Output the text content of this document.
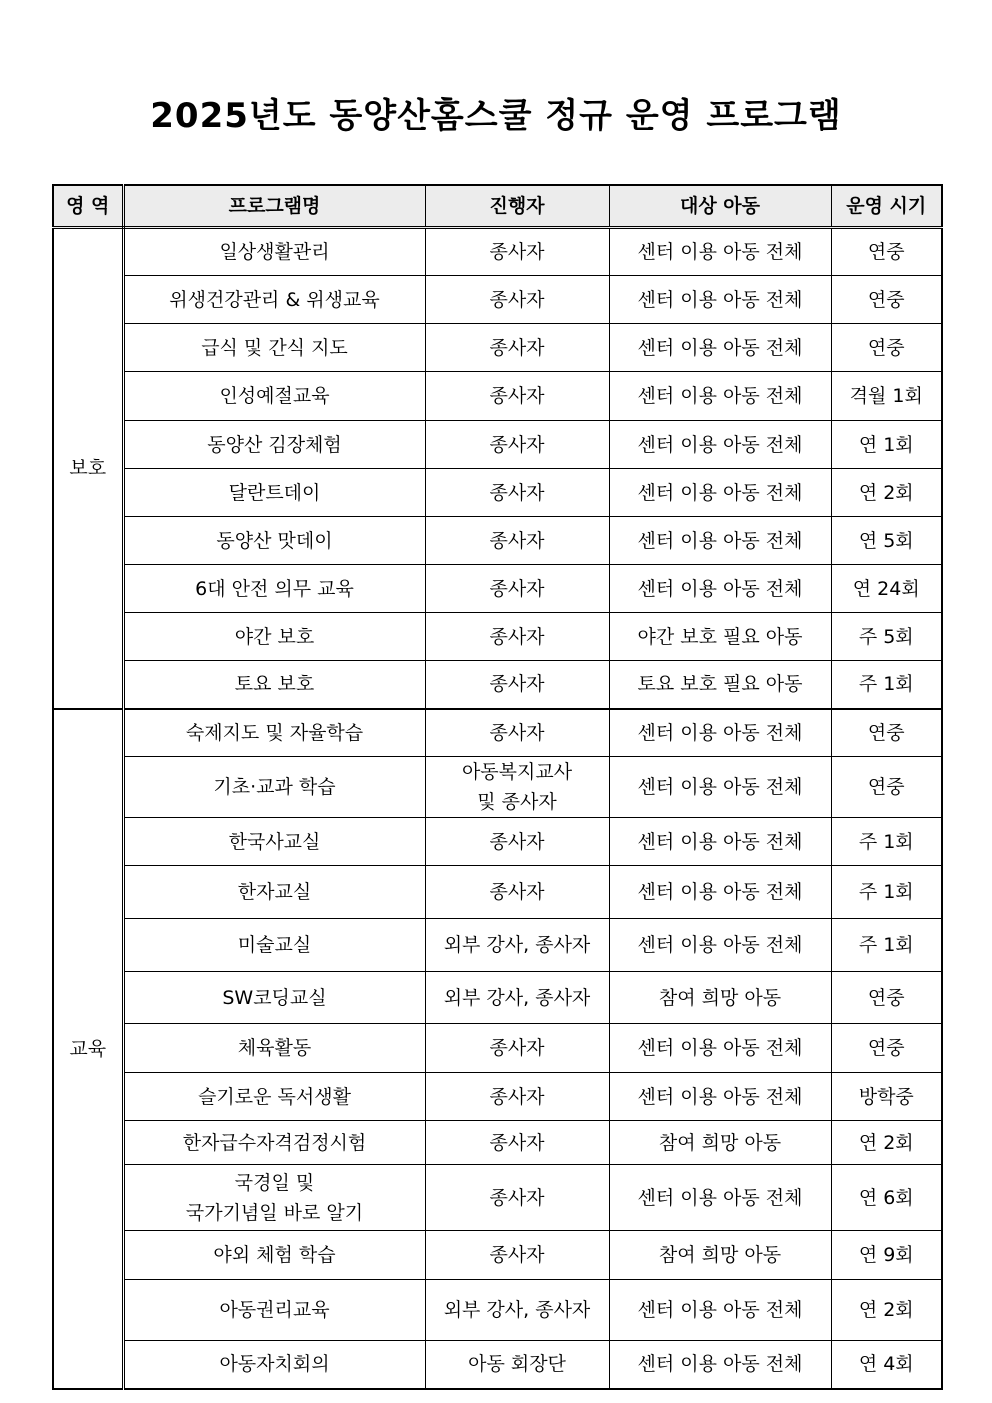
2025년도 동양산홈스쿨 정규 운영 프로그램
영 역	프로그램명	진행자	대상 아동	운영 시기
보호	일상생활관리	종사자	센터 이용 아동 전체	연중

	위생건강관리 & 위생교육	종사자	센터 이용 아동 전체	연중

	급식 및 간식 지도	종사자	센터 이용 아동 전체	연중

	인성예절교육	종사자	센터 이용 아동 전체	격월 1회

	동양산 김장체험	종사자	센터 이용 아동 전체	연 1회

	달란트데이	종사자	센터 이용 아동 전체	연 2회

	동양산 맛데이	종사자	센터 이용 아동 전체	연 5회

	6대 안전 의무 교육	종사자	센터 이용 아동 전체	연 24회

	야간 보호	종사자	야간 보호 필요 아동	주 5회

	토요 보호	종사자	토요 보호 필요 아동	주 1회
교육	숙제지도 및 자율학습	종사자	센터 이용 아동 전체	연중

	기초·교과 학습	아동복지교사
및 종사자	센터 이용 아동 전체	연중

	한국사교실	종사자	센터 이용 아동 전체	주 1회

	한자교실	종사자	센터 이용 아동 전체	주 1회

	미술교실	외부 강사, 종사자	센터 이용 아동 전체	주 1회

	SW코딩교실	외부 강사, 종사자	참여 희망 아동	연중

	체육활동	종사자	센터 이용 아동 전체	연중

	슬기로운 독서생활	종사자	센터 이용 아동 전체	방학중

	한자급수자격검정시험	종사자	참여 희망 아동	연 2회

	국경일 및
국가기념일 바로 알기	종사자	센터 이용 아동 전체	연 6회

	야외 체험 학습	종사자	참여 희망 아동	연 9회

	아동권리교육	외부 강사, 종사자	센터 이용 아동 전체	연 2회

	아동자치회의	아동 회장단	센터 이용 아동 전체	연 4회
